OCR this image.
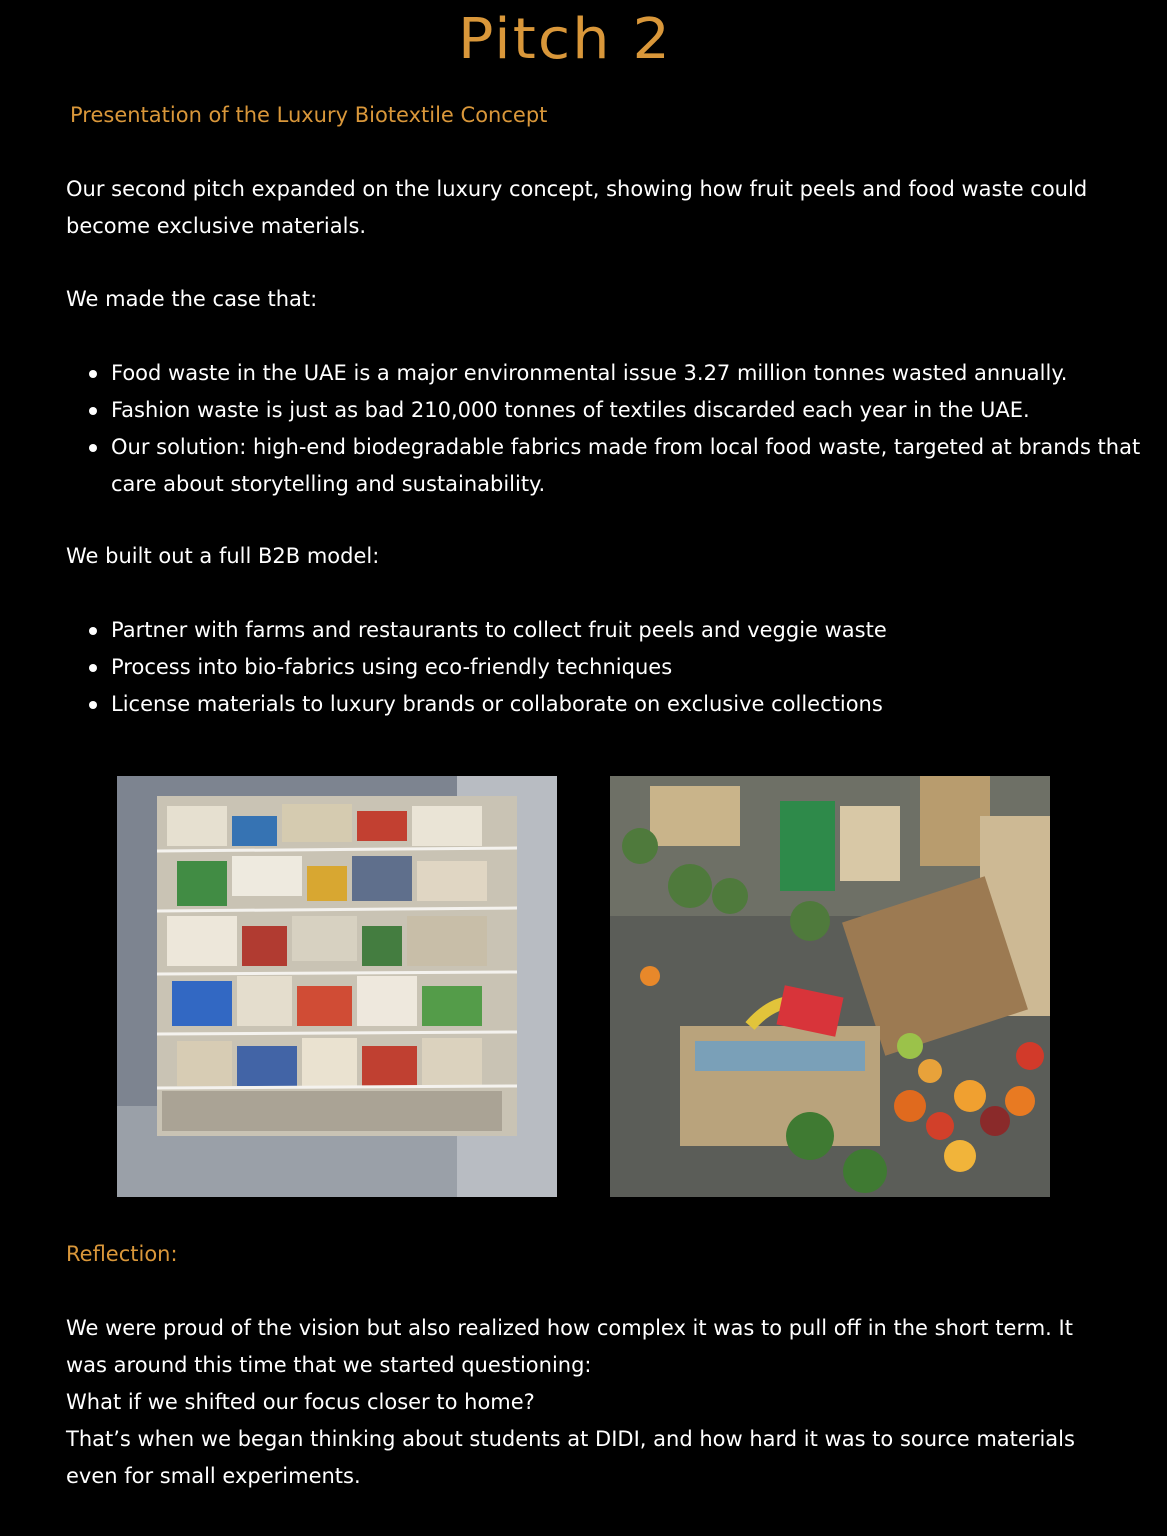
Pitch 2
Presentation of the Luxury Biotextile Concept
Our second pitch expanded on the luxury concept, showing how fruit peels and food waste could become exclusive materials.
We made the case that:
Food waste in the UAE is a major environmental issue 3.27 million tonnes wasted annually.
Fashion waste is just as bad 210,000 tonnes of textiles discarded each year in the UAE.
Our solution: high-end biodegradable fabrics made from local food waste, targeted at brands that care about storytelling and sustainability.
We built out a full B2B model:
Partner with farms and restaurants to collect fruit peels and veggie waste
Process into bio-fabrics using eco-friendly techniques
License materials to luxury brands or collaborate on exclusive collections
Reflection:
We were proud of the vision but also realized how complex it was to pull off in the short term. It was around this time that we started questioning:
What if we shifted our focus closer to home?
That’s when we began thinking about students at DIDI, and how hard it was to source materials even for small experiments.
